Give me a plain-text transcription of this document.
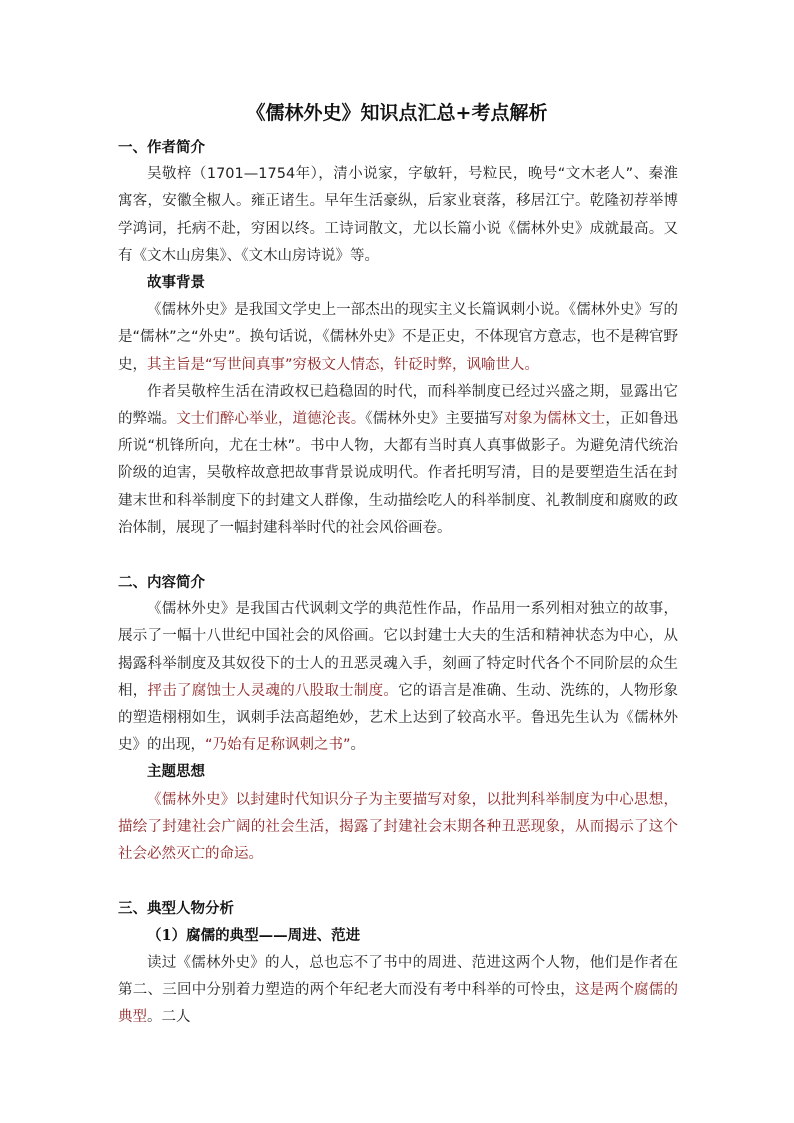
《儒林外史》知识点汇总+考点解析
一、作者简介
吴敬梓（1701—1754年），清小说家，字敏轩，号粒民，晚号“文木老人”、秦淮寓客，安徽全椒人。雍正诸生。早年生活豪纵，后家业衰落，移居江宁。乾隆初荐举博学鸿词，托病不赴，穷困以终。工诗词散文，尤以长篇小说《儒林外史》成就最高。又有《文木山房集》、《文木山房诗说》等。
故事背景
《儒林外史》是我国文学史上一部杰出的现实主义长篇讽刺小说。《儒林外史》写的是“儒林”之“外史”。换句话说，《儒林外史》不是正史，不体现官方意志，也不是稗官野史，其主旨是“写世间真事”穷极文人情态，针砭时弊，讽喻世人。
作者吴敬梓生活在清政权已趋稳固的时代，而科举制度已经过兴盛之期，显露出它的弊端。文士们醉心举业，道德沦丧。《儒林外史》主要描写对象为儒林文士，正如鲁迅所说“机锋所向，尤在士林”。书中人物，大都有当时真人真事做影子。为避免清代统治阶级的迫害，吴敬梓故意把故事背景说成明代。作者托明写清，目的是要塑造生活在封建末世和科举制度下的封建文人群像，生动描绘吃人的科举制度、礼教制度和腐败的政治体制，展现了一幅封建科举时代的社会风俗画卷。
二、内容简介
《儒林外史》是我国古代讽刺文学的典范性作品，作品用一系列相对独立的故事，展示了一幅十八世纪中国社会的风俗画。它以封建士大夫的生活和精神状态为中心，从揭露科举制度及其奴役下的士人的丑恶灵魂入手，刻画了特定时代各个不同阶层的众生相，抨击了腐蚀士人灵魂的八股取士制度。它的语言是准确、生动、洗练的，人物形象的塑造栩栩如生，讽刺手法高超绝妙，艺术上达到了较高水平。鲁迅先生认为《儒林外史》的出现，“乃始有足称讽刺之书”。
主题思想
《儒林外史》以封建时代知识分子为主要描写对象，以批判科举制度为中心思想，描绘了封建社会广阔的社会生活，揭露了封建社会末期各种丑恶现象，从而揭示了这个社会必然灭亡的命运。
三、典型人物分析
（1）腐儒的典型——周进、范进
读过《儒林外史》的人，总也忘不了书中的周进、范进这两个人物，他们是作者在第二、三回中分别着力塑造的两个年纪老大而没有考中科举的可怜虫，这是两个腐儒的典型。二人
